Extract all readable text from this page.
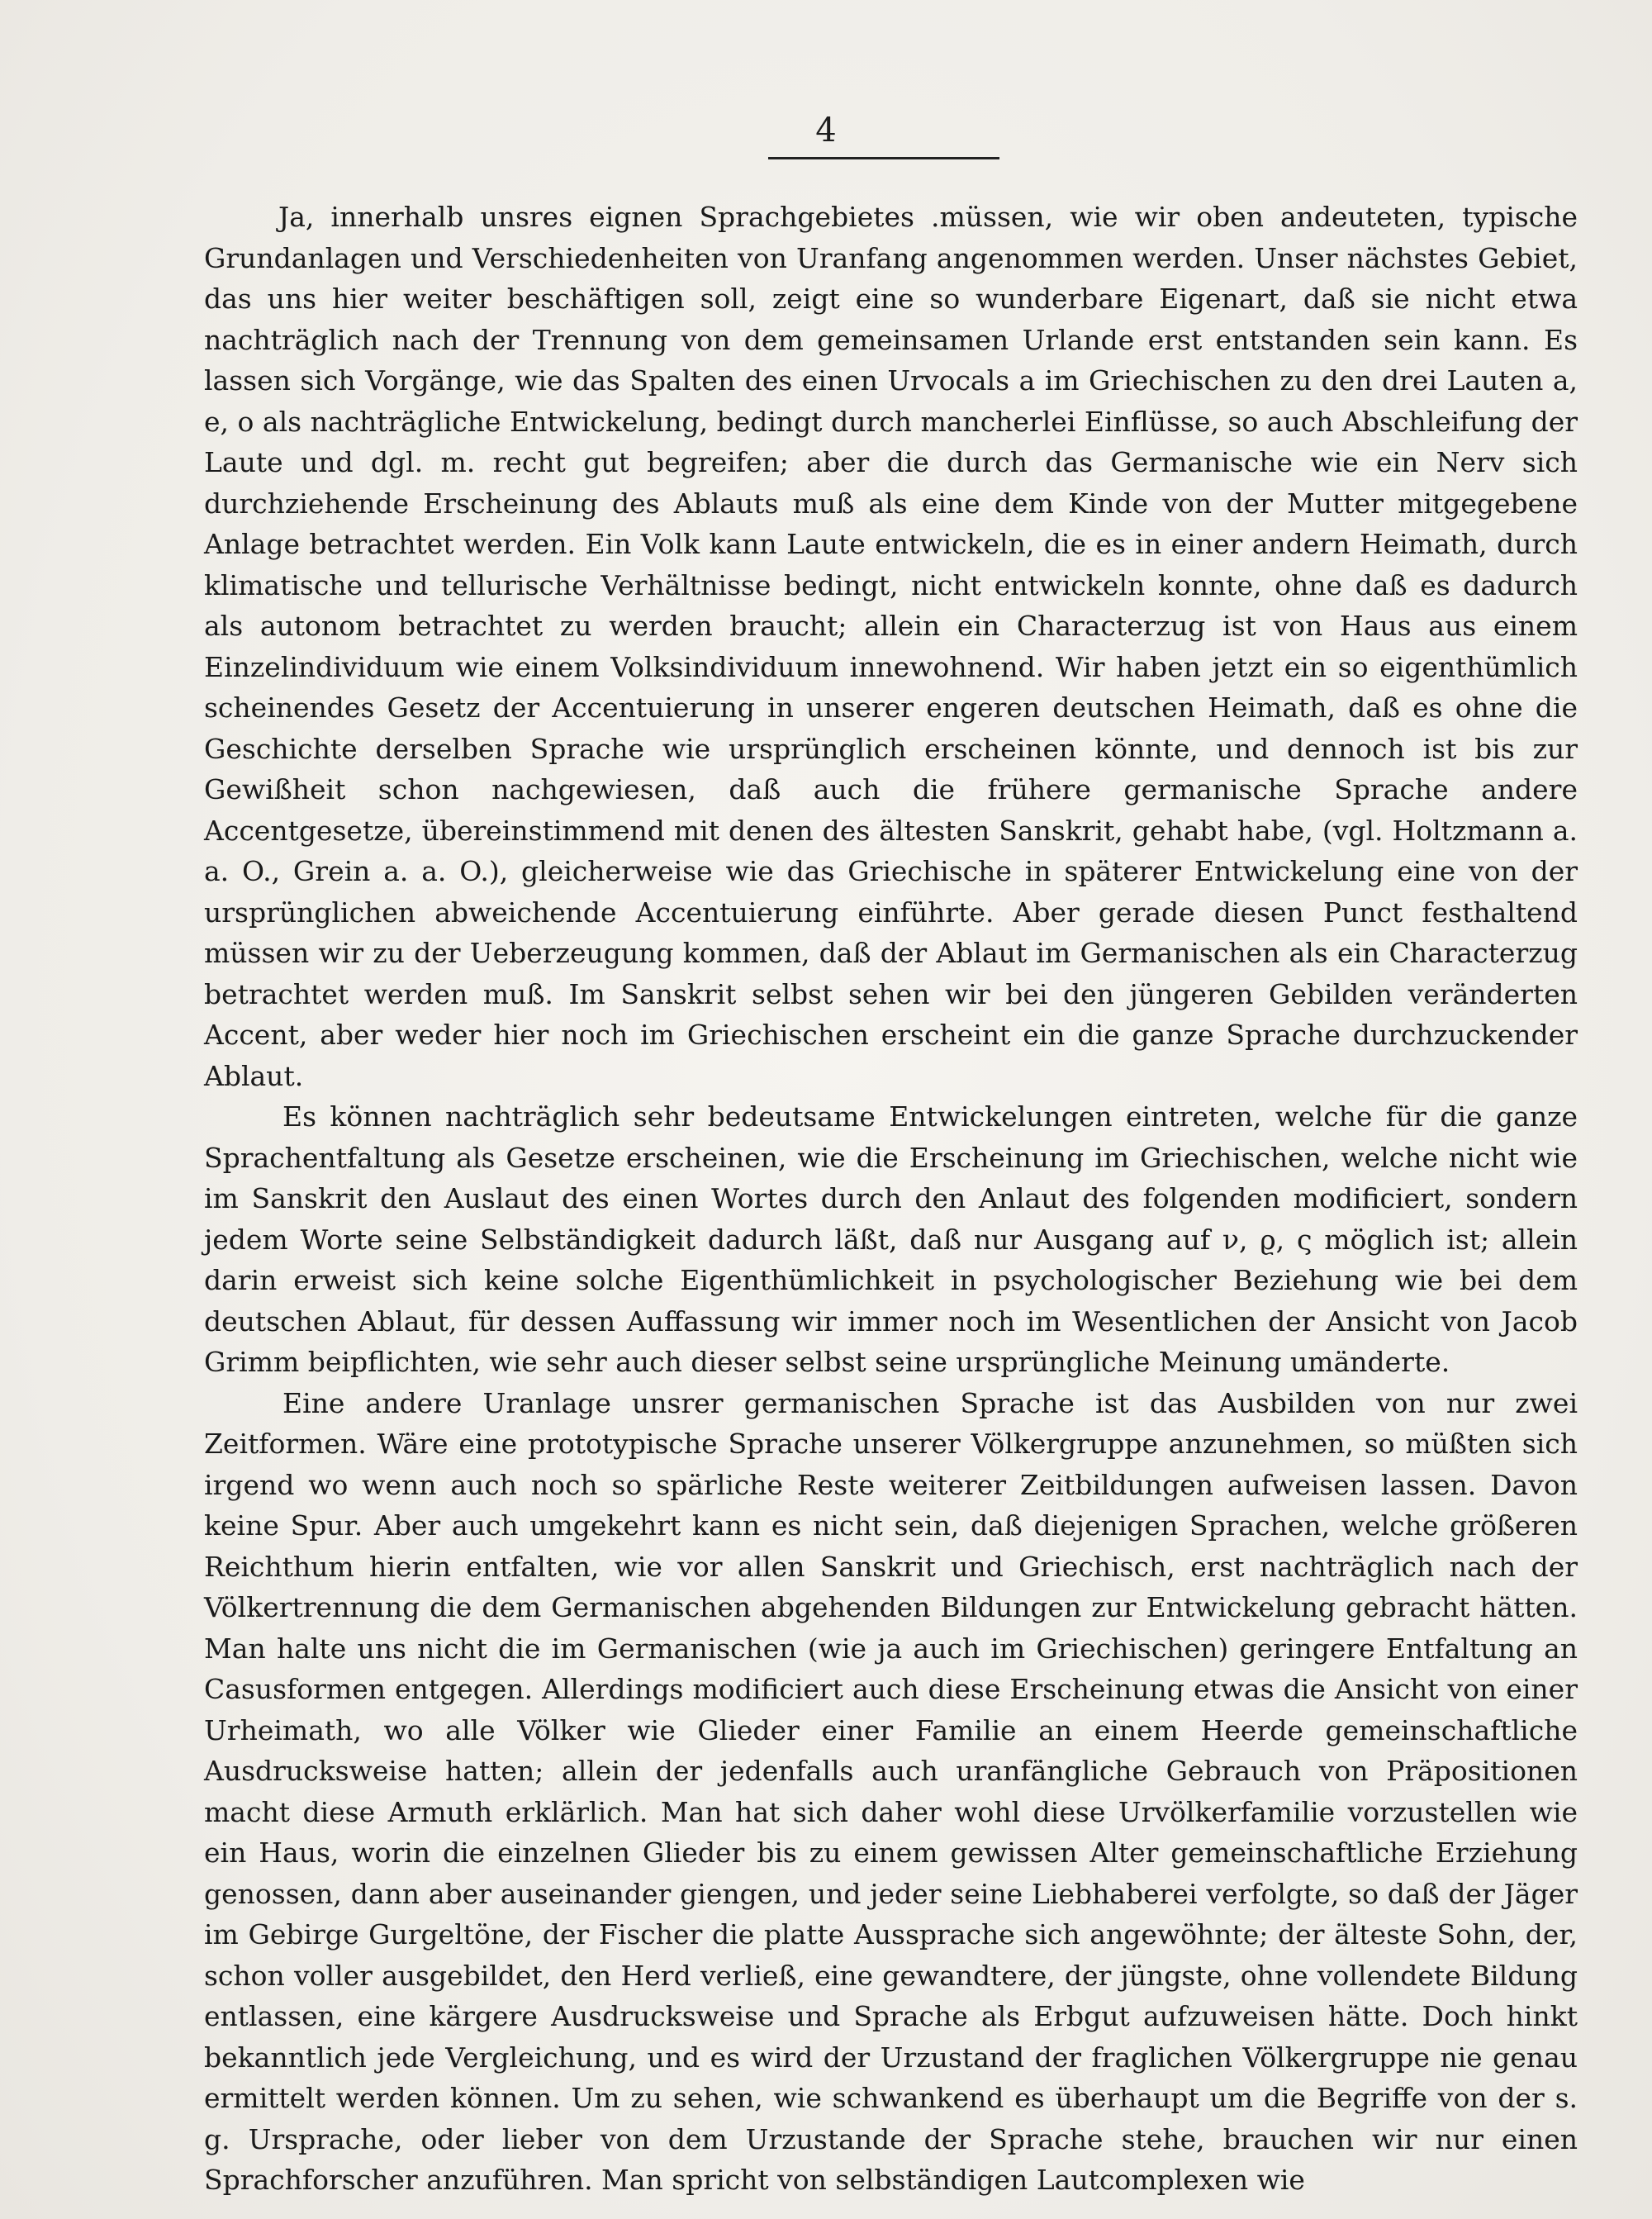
4

Ja, innerhalb unsres eignen Sprachgebietes .müssen, wie wir oben andeuteten, typische Grundanlagen und Verschiedenheiten von Uranfang angenommen werden. Unser nächstes Gebiet, das uns hier weiter beschäftigen soll, zeigt eine so wunderbare Eigenart, daß sie nicht etwa nachträglich nach der Trennung von dem gemeinsamen Urlande erst entstanden sein kann. Es lassen sich Vorgänge, wie das Spalten des einen Urvocals a im Griechischen zu den drei Lauten a, e, o als nachträgliche Entwickelung, bedingt durch mancherlei Einflüsse, so auch Abschleifung der Laute und dgl. m. recht gut begreifen; aber die durch das Germanische wie ein Nerv sich durchziehende Erscheinung des Ablauts muß als eine dem Kinde von der Mutter mitgegebene Anlage betrachtet werden. Ein Volk kann Laute entwickeln, die es in einer andern Heimath, durch klimatische und tellurische Verhältnisse bedingt, nicht entwickeln konnte, ohne daß es dadurch als autonom betrachtet zu werden braucht; allein ein Characterzug ist von Haus aus einem Einzelindividuum wie einem Volksindividuum innewohnend. Wir haben jetzt ein so eigenthümlich scheinendes Gesetz der Accentuierung in unserer engeren deutschen Heimath, daß es ohne die Geschichte derselben Sprache wie ursprünglich erscheinen könnte, und dennoch ist bis zur Gewißheit schon nachgewiesen, daß auch die frühere germanische Sprache andere Accentgesetze, übereinstimmend mit denen des ältesten Sanskrit, gehabt habe, (vgl. Holtzmann a. a. O., Grein a. a. O.), gleicherweise wie das Griechische in späterer Entwickelung eine von der ursprünglichen abweichende Accentuierung einführte. Aber gerade diesen Punct festhaltend müssen wir zu der Ueberzeugung kommen, daß der Ablaut im Germanischen als ein Characterzug betrachtet werden muß. Im Sanskrit selbst sehen wir bei den jüngeren Gebilden veränderten Accent, aber weder hier noch im Griechischen erscheint ein die ganze Sprache durchzuckender Ablaut.

Es können nachträglich sehr bedeutsame Entwickelungen eintreten, welche für die ganze Sprachentfaltung als Gesetze erscheinen, wie die Erscheinung im Griechischen, welche nicht wie im Sanskrit den Auslaut des einen Wortes durch den Anlaut des folgenden modificiert, sondern jedem Worte seine Selbständigkeit dadurch läßt, daß nur Ausgang auf ν, ϱ, ς möglich ist; allein darin erweist sich keine solche Eigenthümlichkeit in psychologischer Beziehung wie bei dem deutschen Ablaut, für dessen Auffassung wir immer noch im Wesentlichen der Ansicht von Jacob Grimm beipflichten, wie sehr auch dieser selbst seine ursprüngliche Meinung umänderte.

Eine andere Uranlage unsrer germanischen Sprache ist das Ausbilden von nur zwei Zeitformen. Wäre eine prototypische Sprache unserer Völkergruppe anzunehmen, so müßten sich irgend wo wenn auch noch so spärliche Reste weiterer Zeitbildungen aufweisen lassen. Davon keine Spur. Aber auch umgekehrt kann es nicht sein, daß diejenigen Sprachen, welche größeren Reichthum hierin entfalten, wie vor allen Sanskrit und Griechisch, erst nachträglich nach der Völkertrennung die dem Germanischen abgehenden Bildungen zur Entwickelung gebracht hätten. Man halte uns nicht die im Germanischen (wie ja auch im Griechischen) geringere Entfaltung an Casusformen entgegen. Allerdings modificiert auch diese Erscheinung etwas die Ansicht von einer Urheimath, wo alle Völker wie Glieder einer Familie an einem Heerde gemeinschaftliche Ausdrucksweise hatten; allein der jedenfalls auch uranfängliche Gebrauch von Präpositionen macht diese Armuth erklärlich. Man hat sich daher wohl diese Urvölkerfamilie vorzustellen wie ein Haus, worin die einzelnen Glieder bis zu einem gewissen Alter gemeinschaftliche Erziehung genossen, dann aber auseinander giengen, und jeder seine Liebhaberei verfolgte, so daß der Jäger im Gebirge Gurgeltöne, der Fischer die platte Aussprache sich angewöhnte; der älteste Sohn, der, schon voller ausgebildet, den Herd verließ, eine gewandtere, der jüngste, ohne vollendete Bildung entlassen, eine kärgere Ausdrucksweise und Sprache als Erbgut aufzuweisen hätte. Doch hinkt bekanntlich jede Vergleichung, und es wird der Urzustand der fraglichen Völkergruppe nie genau ermittelt werden können. Um zu sehen, wie schwankend es überhaupt um die Begriffe von der s. g. Ursprache, oder lieber von dem Urzustande der Sprache stehe, brauchen wir nur einen Sprachforscher anzuführen. Man spricht von selbständigen Lautcomplexen wie
